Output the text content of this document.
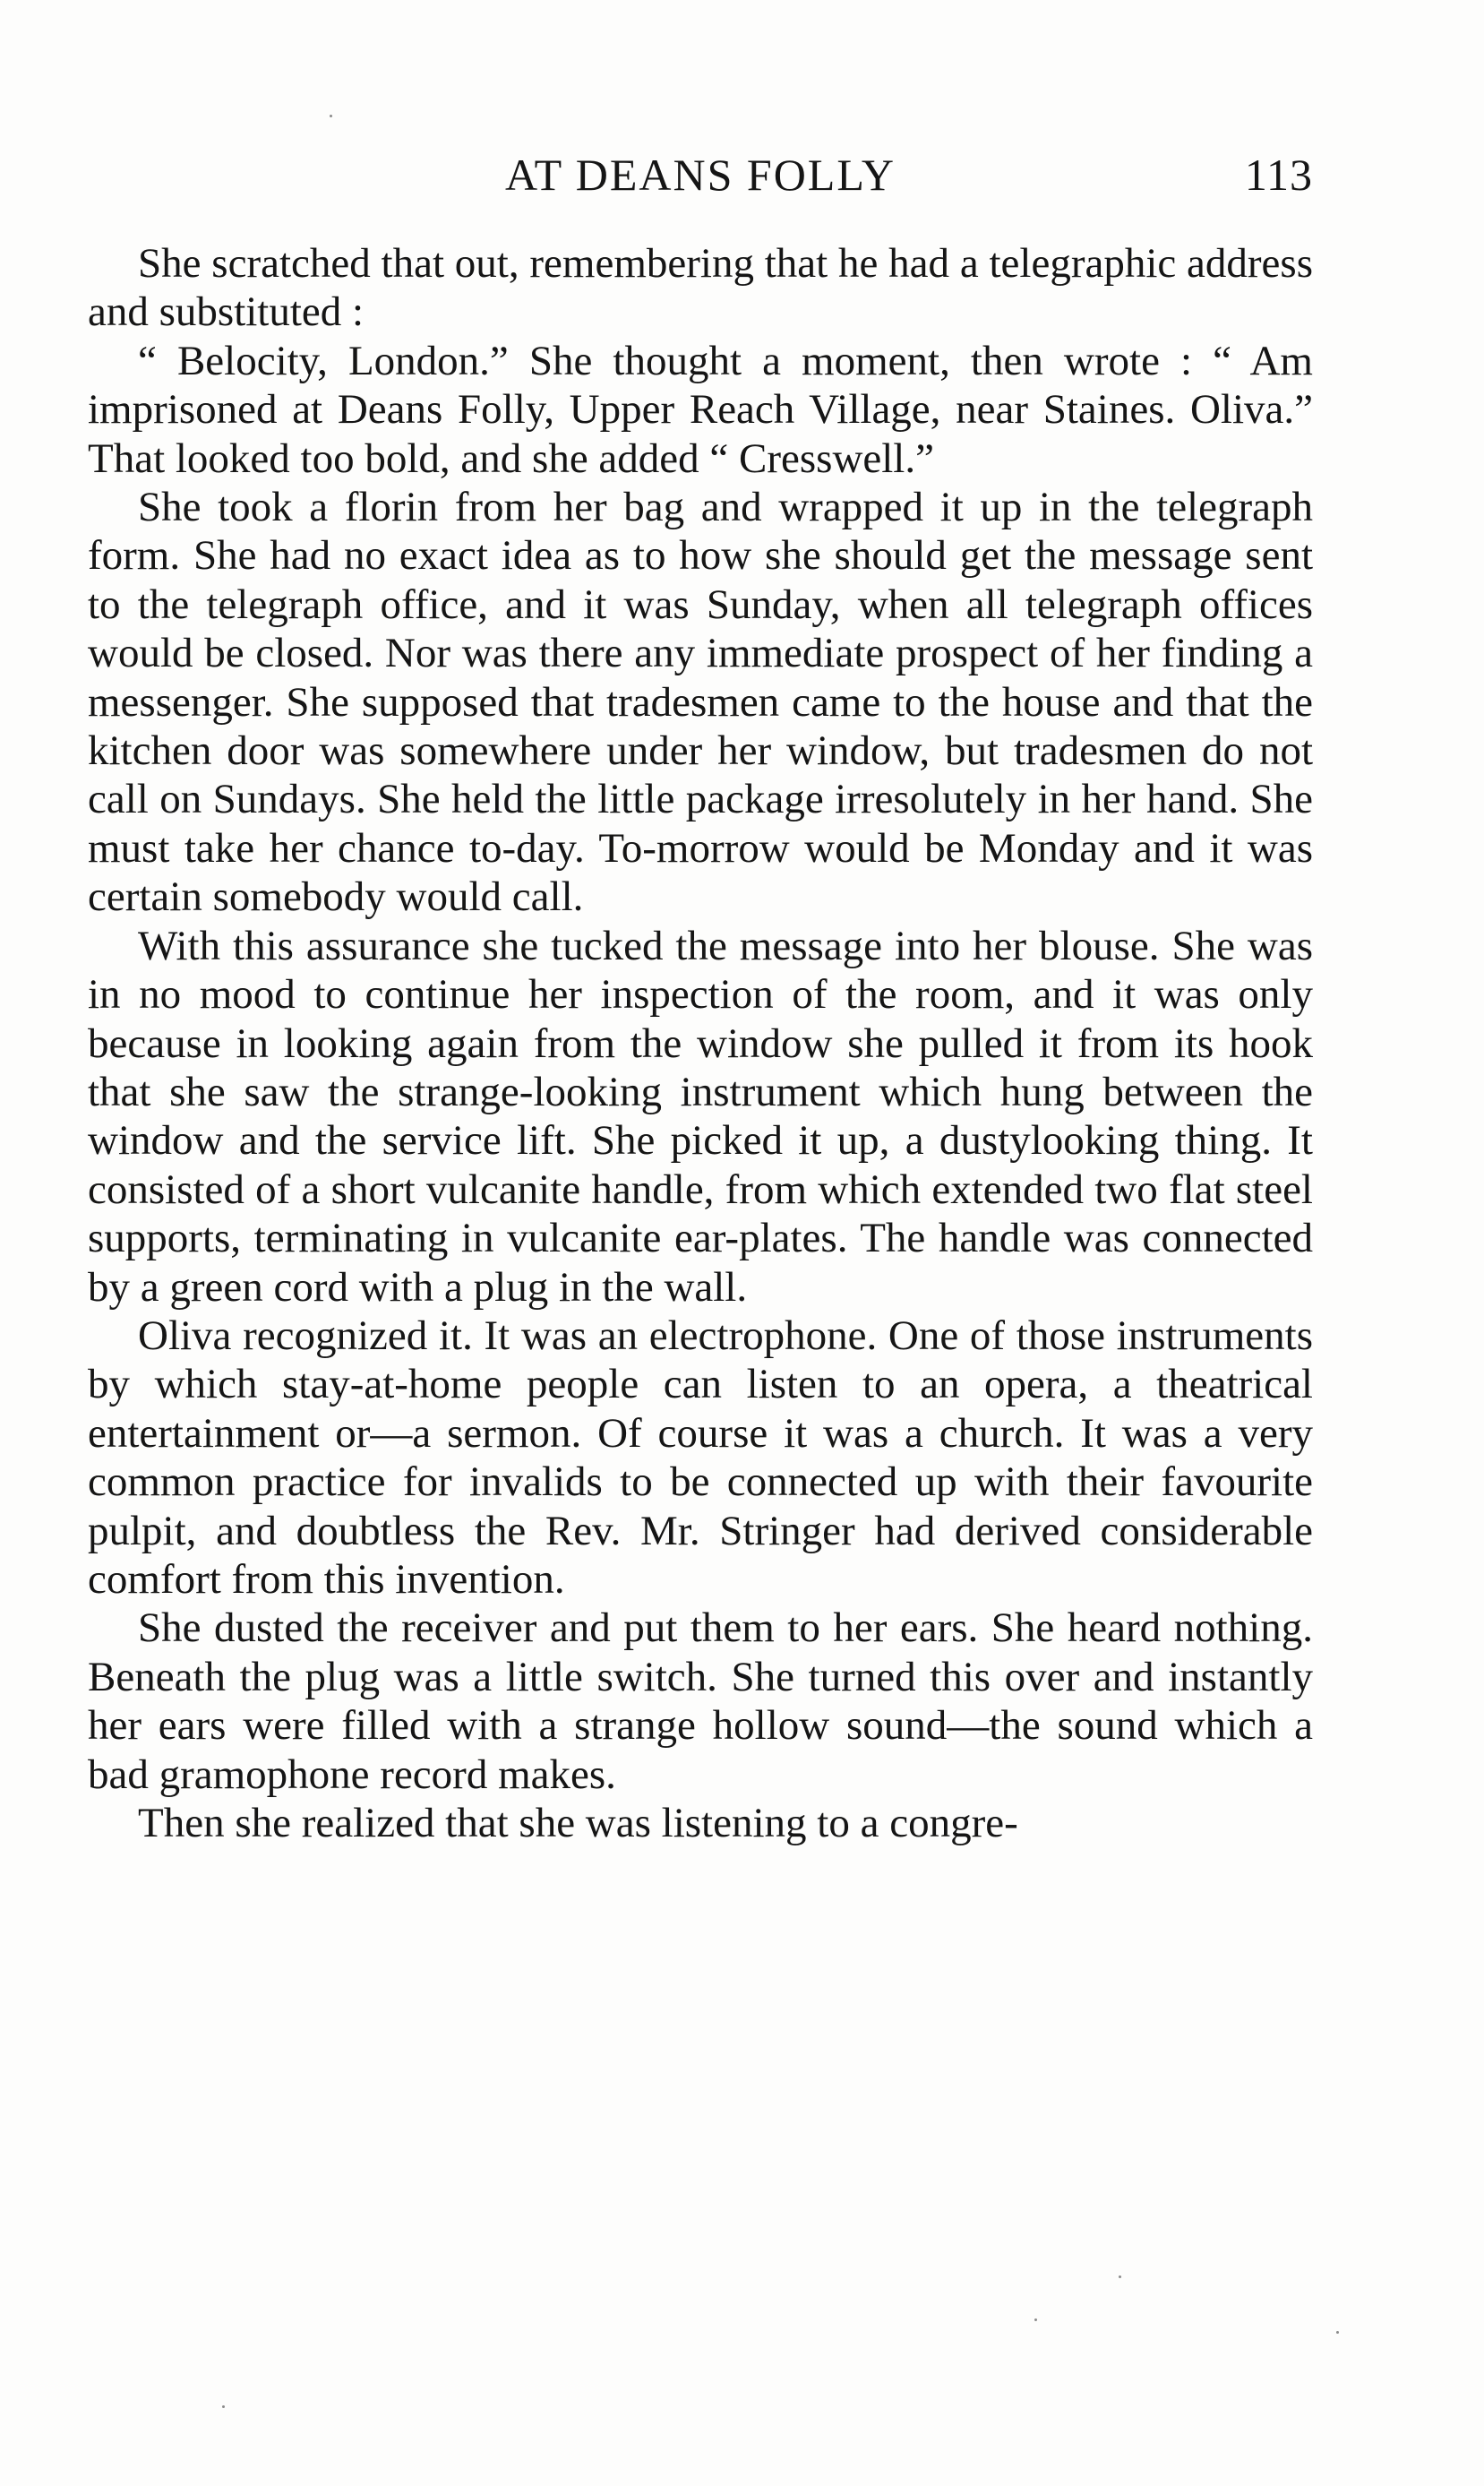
AT DEANS FOLLY	113

She scratched that out, remembering that he had a telegraphic address and substituted :

“ Belocity, London.” She thought a moment, then wrote : “ Am imprisoned at Deans Folly, Upper Reach Village, near Staines. Oliva.” That looked too bold, and she added “ Cresswell.”

She took a florin from her bag and wrapped it up in the telegraph form. She had no exact idea as to how she should get the message sent to the telegraph office, and it was Sunday, when all telegraph offices would be closed. Nor was there any immediate prospect of her finding a messenger. She supposed that tradesmen came to the house and that the kitchen door was somewhere under her window, but tradesmen do not call on Sundays. She held the little package irresolutely in her hand. She must take her chance to-day. To-morrow would be Monday and it was certain somebody would call.

With this assurance she tucked the message into her blouse. She was in no mood to continue her inspection of the room, and it was only because in looking again from the window she pulled it from its hook that she saw the strange-looking instrument which hung between the window and the service lift. She picked it up, a dustylooking thing. It consisted of a short vulcanite handle, from which extended two flat steel supports, terminating in vulcanite ear-plates. The handle was connected by a green cord with a plug in the wall.

Oliva recognized it. It was an electrophone. One of those instruments by which stay-at-home people can listen to an opera, a theatrical entertainment or—a sermon. Of course it was a church. It was a very common practice for invalids to be connected up with their favourite pulpit, and doubtless the Rev. Mr. Stringer had derived considerable comfort from this invention.

She dusted the receiver and put them to her ears. She heard nothing. Beneath the plug was a little switch. She turned this over and instantly her ears were filled with a strange hollow sound—the sound which a bad gramophone record makes.

Then she realized that she was listening to a congre-
